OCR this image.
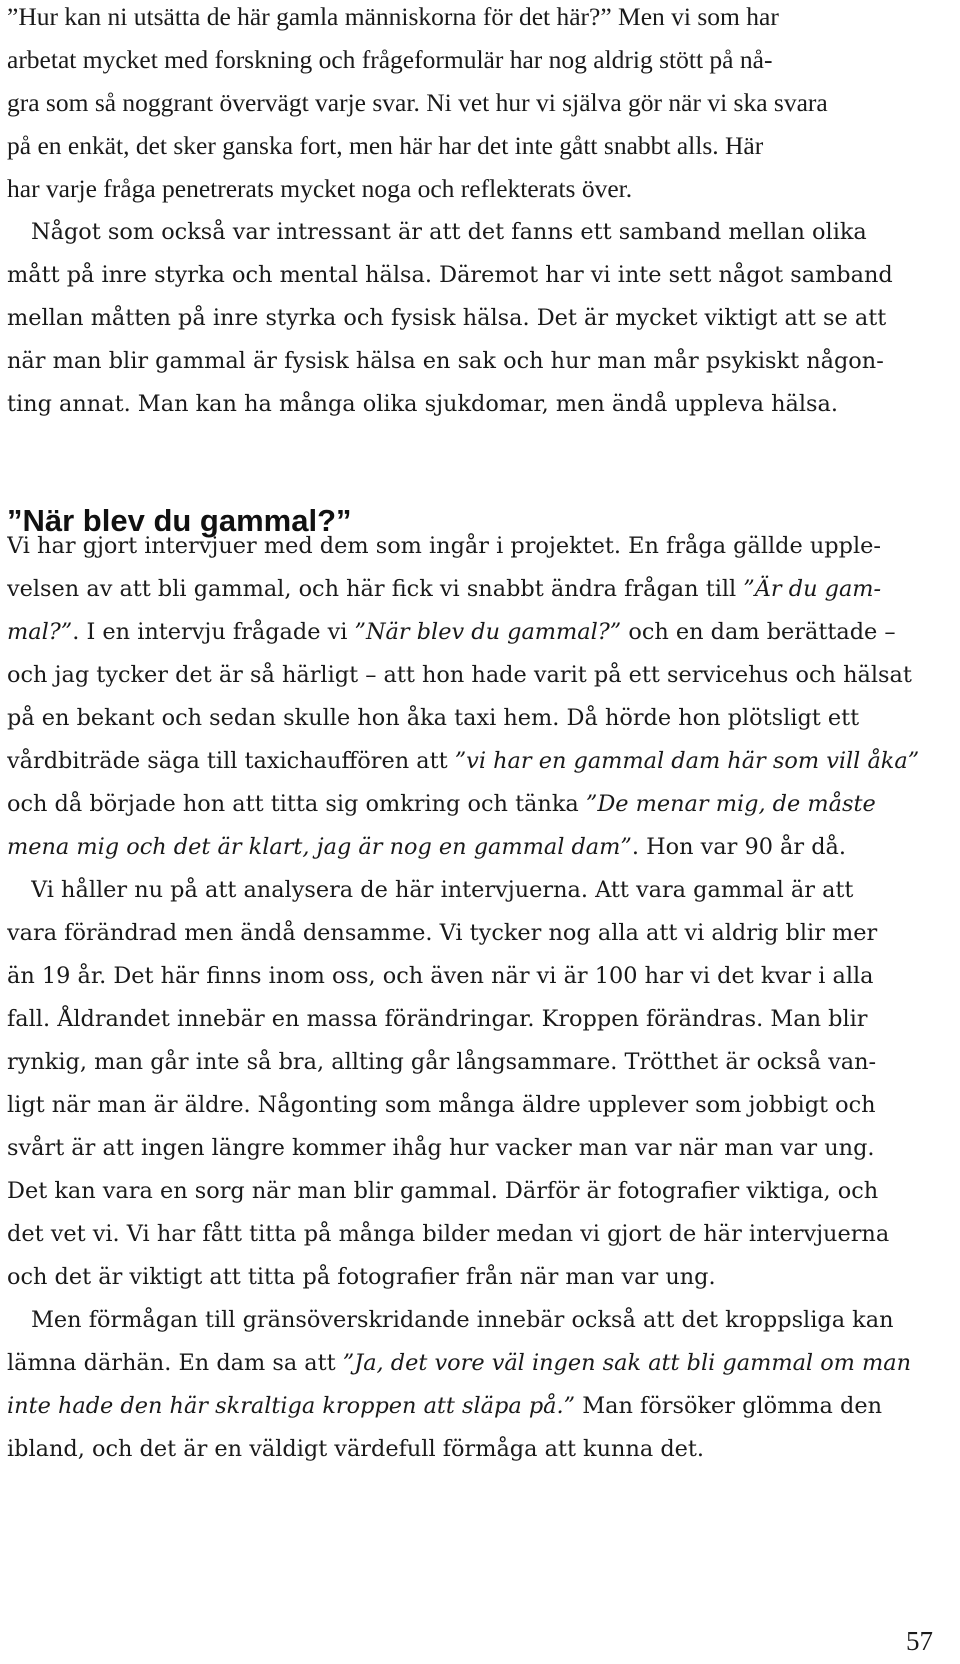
”Hur kan ni utsätta de här gamla människorna för det här?” Men vi som har
arbetat mycket med forskning och frågeformulär har nog aldrig stött på nå-
gra som så noggrant övervägt varje svar. Ni vet hur vi själva gör när vi ska svara
på en enkät, det sker ganska fort, men här har det inte gått snabbt alls. Här
har varje fråga penetrerats mycket noga och reflekterats över.
Något som också var intressant är att det fanns ett samband mellan olika
mått på inre styrka och mental hälsa. Däremot har vi inte sett något samband
mellan måtten på inre styrka och fysisk hälsa. Det är mycket viktigt att se att
när man blir gammal är fysisk hälsa en sak och hur man mår psykiskt någon-
ting annat. Man kan ha många olika sjukdomar, men ändå uppleva hälsa.
”När blev du gammal?”
Vi har gjort intervjuer med dem som ingår i projektet. En fråga gällde upple-
velsen av att bli gammal, och här fick vi snabbt ändra frågan till ”Är du gam-
mal?”. I en intervju frågade vi ”När blev du gammal?” och en dam berättade –
och jag tycker det är så härligt – att hon hade varit på ett servicehus och hälsat
på en bekant och sedan skulle hon åka taxi hem. Då hörde hon plötsligt ett
vårdbiträde säga till taxichauffören att ”vi har en gammal dam här som vill åka”
och då började hon att titta sig omkring och tänka ”De menar mig, de måste
mena mig och det är klart, jag är nog en gammal dam”. Hon var 90 år då.
Vi håller nu på att analysera de här intervjuerna. Att vara gammal är att
vara förändrad men ändå densamme. Vi tycker nog alla att vi aldrig blir mer
än 19 år. Det här finns inom oss, och även när vi är 100 har vi det kvar i alla
fall. Åldrandet innebär en massa förändringar. Kroppen förändras. Man blir
rynkig, man går inte så bra, allting går långsammare. Trötthet är också van-
ligt när man är äldre. Någonting som många äldre upplever som jobbigt och
svårt är att ingen längre kommer ihåg hur vacker man var när man var ung.
Det kan vara en sorg när man blir gammal. Därför är fotografier viktiga, och
det vet vi. Vi har fått titta på många bilder medan vi gjort de här intervjuerna
och det är viktigt att titta på fotografier från när man var ung.
Men förmågan till gränsöverskridande innebär också att det kroppsliga kan
lämna därhän. En dam sa att ”Ja, det vore väl ingen sak att bli gammal om man
inte hade den här skraltiga kroppen att släpa på.” Man försöker glömma den
ibland, och det är en väldigt värdefull förmåga att kunna det.
57
